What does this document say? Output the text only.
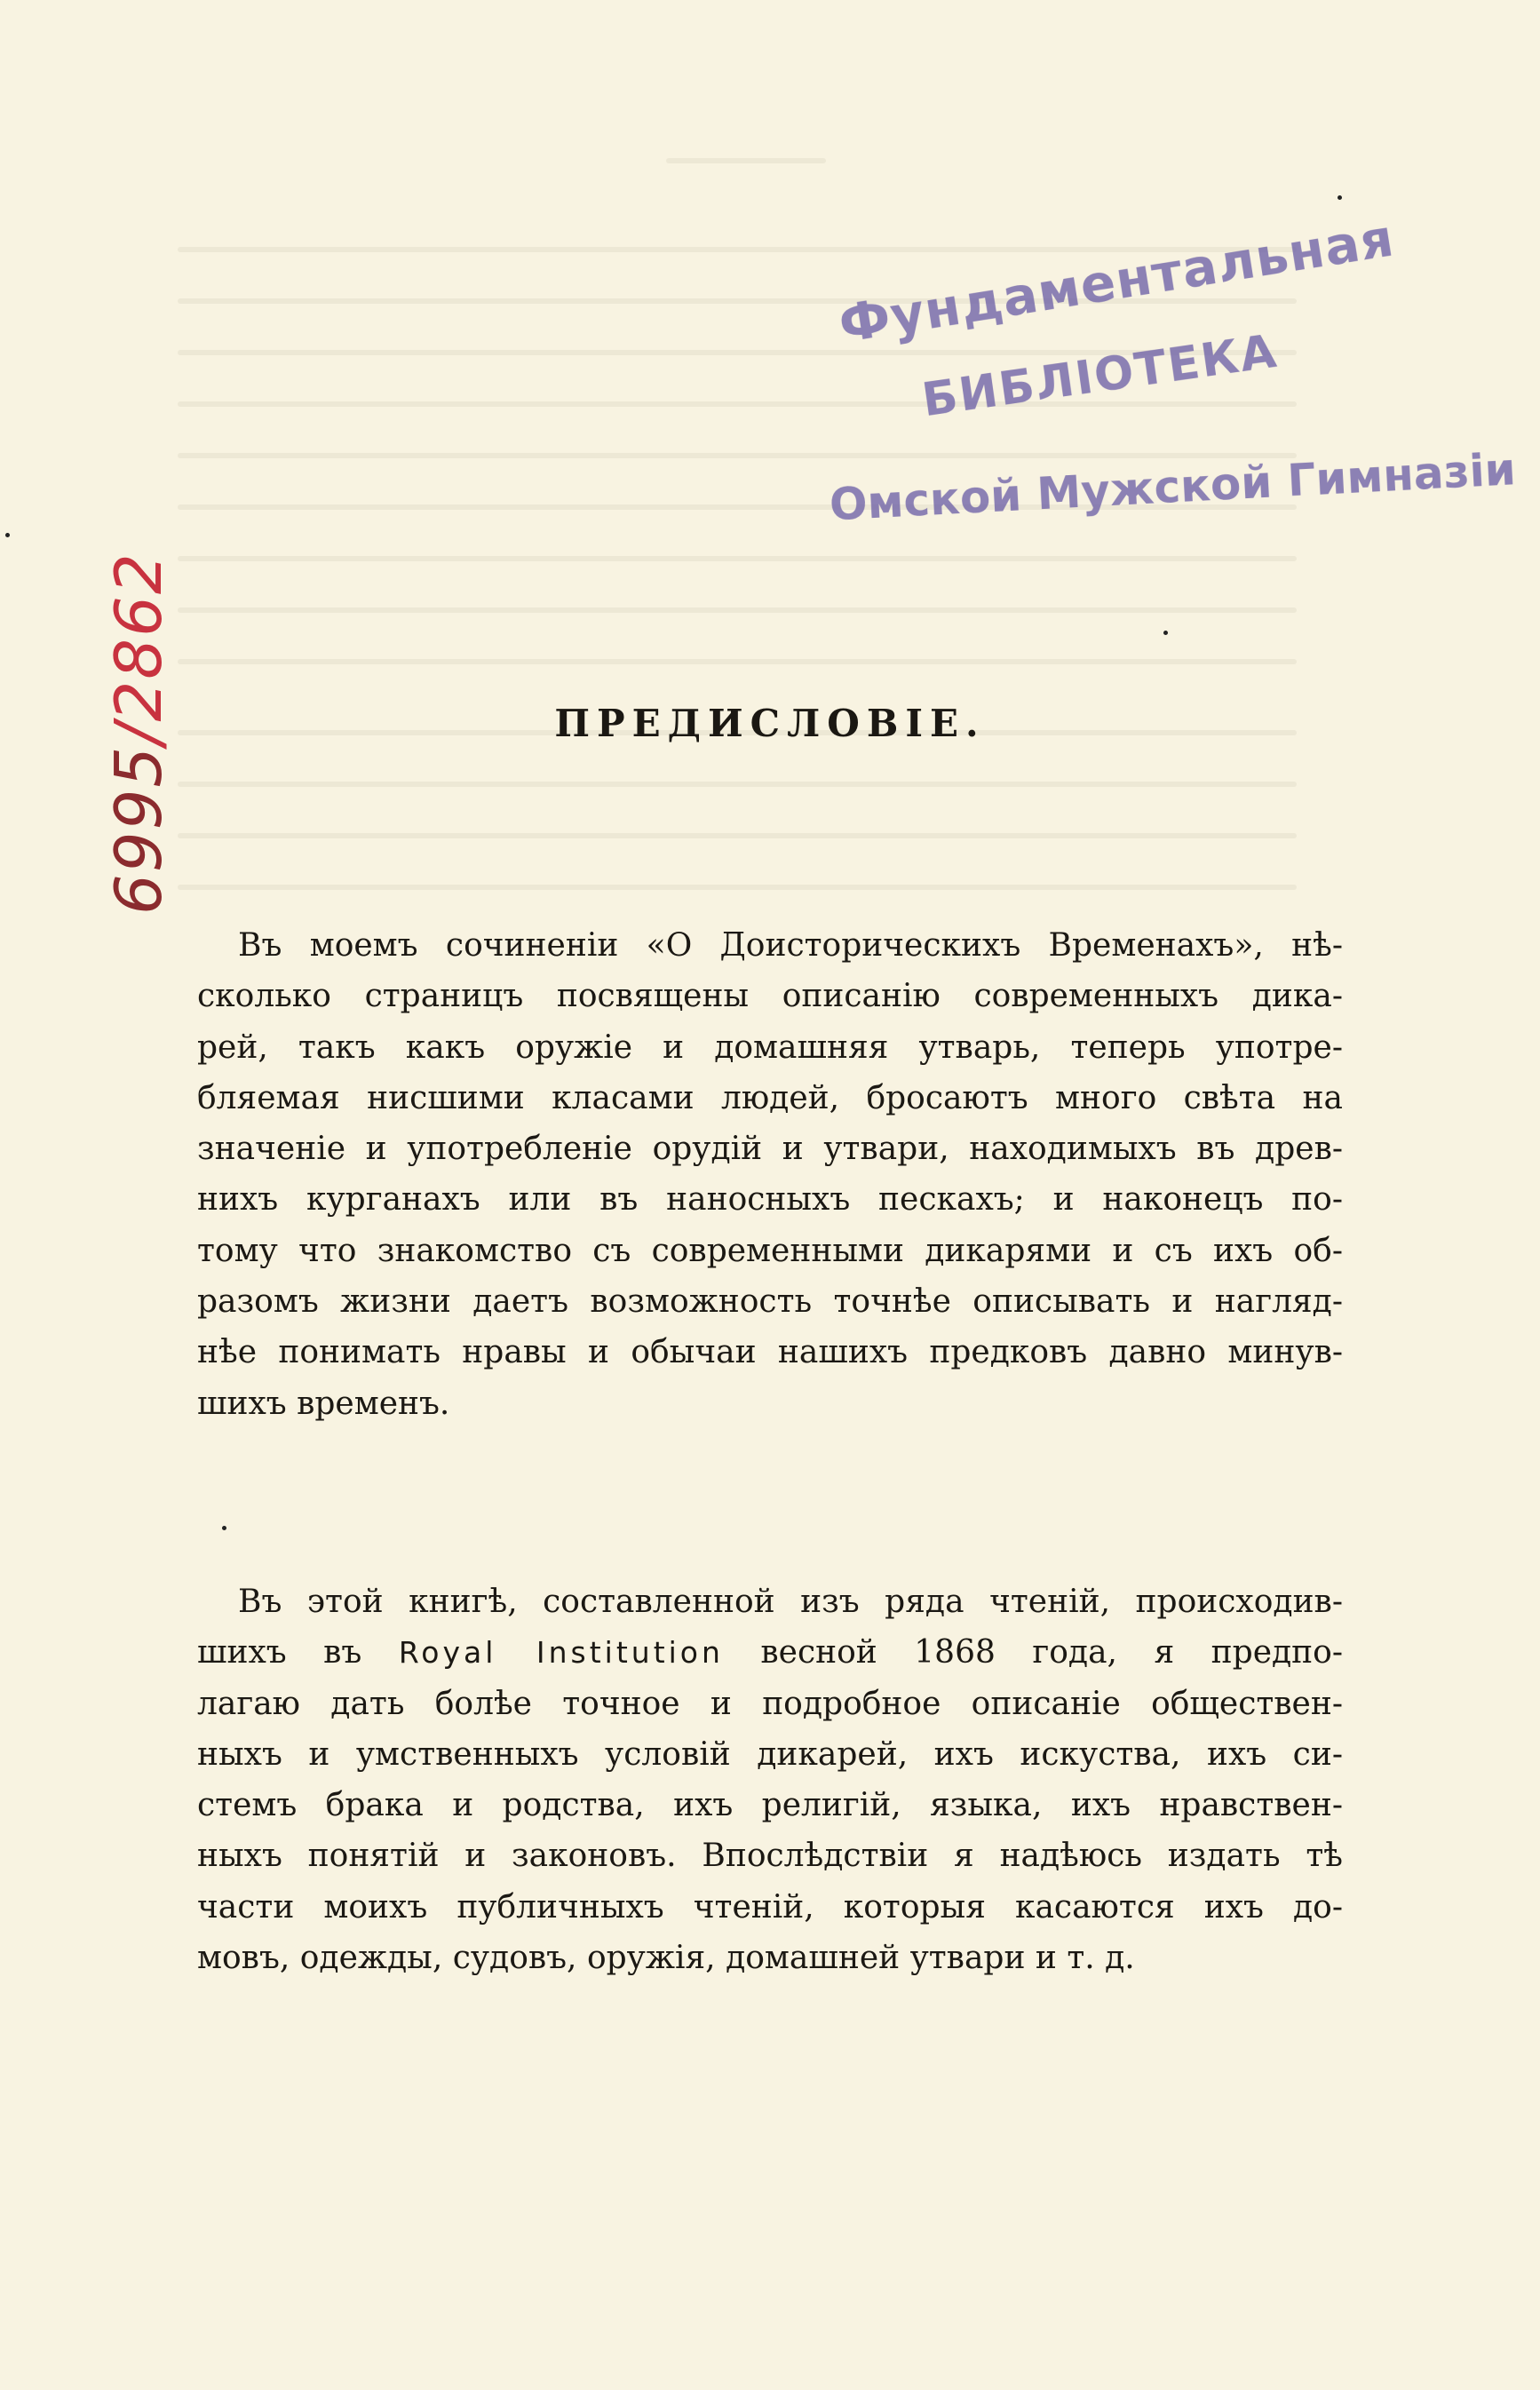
Фундаментальная
БИБЛIОТЕКА
Омской Мужской Гимназiи
6995/2862
ПРЕДИСЛОВIЕ.
Въ моемъ сочиненiи «О Доисторическихъ Временахъ», нѣ-
сколько страницъ посвящены описанiю современныхъ дика-
рей, такъ какъ оружiе и домашняя утварь, теперь употре-
бляемая нисшими класами людей, бросаютъ много свѣта на
значенiе и употребленiе орудiй и утвари, находимыхъ въ древ-
нихъ курганахъ или въ наносныхъ пескахъ; и наконецъ по-
тому что знакомство съ современными дикарями и съ ихъ об-
разомъ жизни даетъ возможность точнѣе описывать и нагляд-
нѣе понимать нравы и обычаи нашихъ предковъ давно минув-
шихъ временъ.
Въ этой книгѣ, составленной изъ ряда чтенiй, происходив-
шихъ въ Royal Institution весной 1868 года, я предпо-
лагаю дать болѣе точное и подробное описанiе обществен-
ныхъ и умственныхъ условiй дикарей, ихъ искуства, ихъ си-
стемъ брака и родства, ихъ религiй, языка, ихъ нравствен-
ныхъ понятiй и законовъ. Впослѣдствiи я надѣюсь издать тѣ
части моихъ публичныхъ чтенiй, которыя касаются ихъ до-
мовъ, одежды, судовъ, оружiя, домашней утвари и т. д.
